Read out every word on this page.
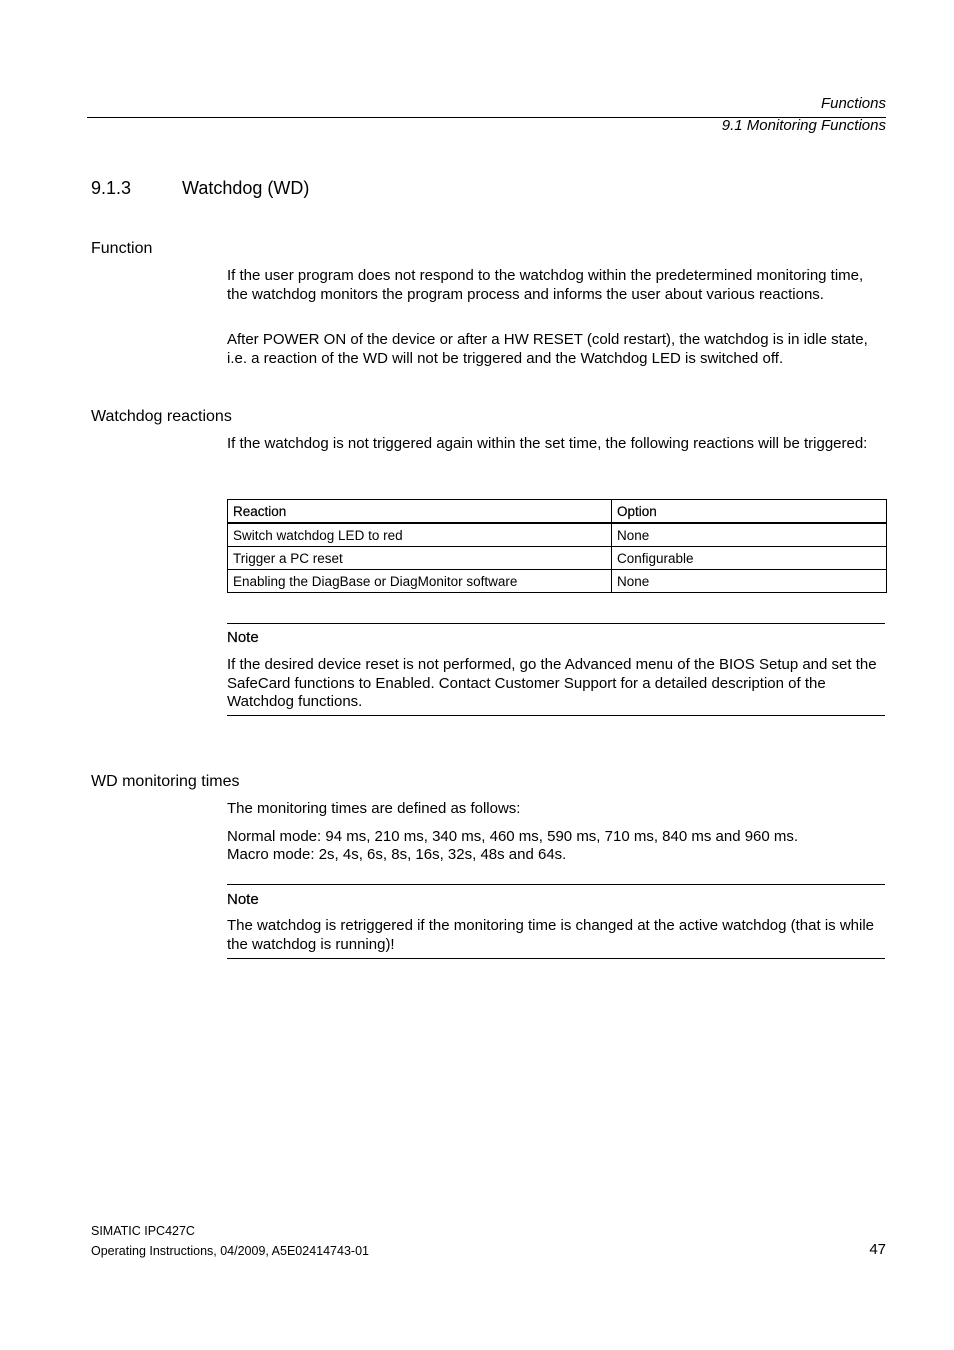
Functions
9.1 Monitoring Functions
9.1.3	Watchdog (WD)
Function
If the user program does not respond to the watchdog within the predetermined monitoring time, the watchdog monitors the program process and informs the user about various reactions.
After POWER ON of the device or after a HW RESET (cold restart), the watchdog is in idle state, i.e. a reaction of the WD will not be triggered and the Watchdog LED is switched off.
Watchdog reactions
If the watchdog is not triggered again within the set time, the following reactions will be triggered:
Reaction	Option
Switch watchdog LED to red	None
Trigger a PC reset	Configurable
Enabling the DiagBase or DiagMonitor software	None
Note
If the desired device reset is not performed, go the Advanced menu of the BIOS Setup and set the SafeCard functions to Enabled. Contact Customer Support for a detailed description of the Watchdog functions.
WD monitoring times
The monitoring times are defined as follows:
Normal mode: 94 ms, 210 ms, 340 ms, 460 ms, 590 ms, 710 ms, 840 ms and 960 ms.
Macro mode: 2s, 4s, 6s, 8s, 16s, 32s, 48s and 64s.
Note
The watchdog is retriggered if the monitoring time is changed at the active watchdog (that is while the watchdog is running)!
SIMATIC IPC427C
Operating Instructions, 04/2009, A5E02414743-01	47
